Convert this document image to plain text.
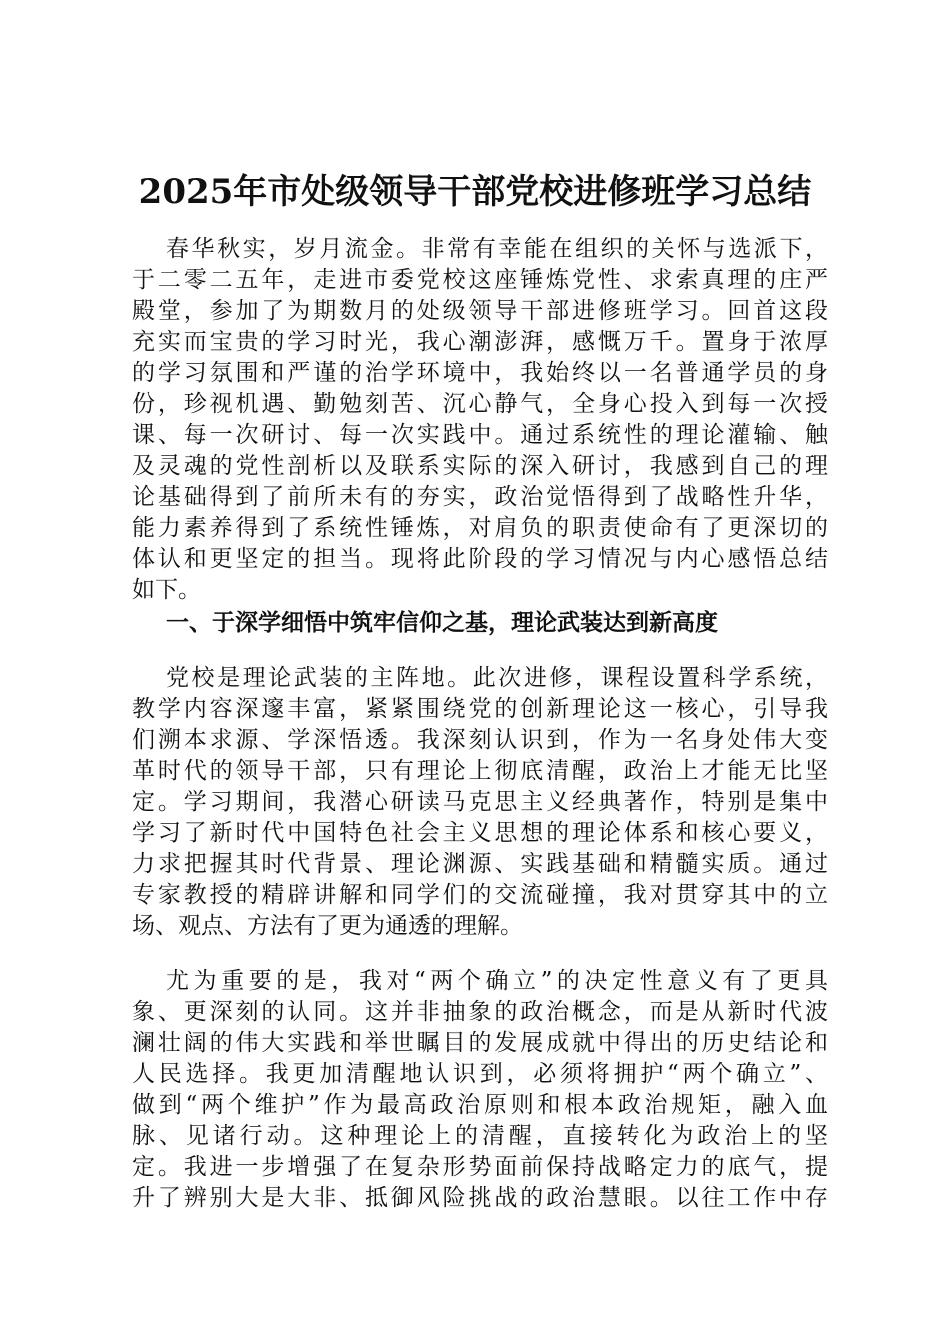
2025年市处级领导干部党校进修班学习总结

春华秋实，岁月流金。非常有幸能在组织的关怀与选派下，

于二零二五年，走进市委党校这座锤炼党性、求索真理的庄严

殿堂，参加了为期数月的处级领导干部进修班学习。回首这段

充实而宝贵的学习时光，我心潮澎湃，感慨万千。置身于浓厚

的学习氛围和严谨的治学环境中，我始终以一名普通学员的身

份，珍视机遇、勤勉刻苦、沉心静气，全身心投入到每一次授

课、每一次研讨、每一次实践中。通过系统性的理论灌输、触

及灵魂的党性剖析以及联系实际的深入研讨，我感到自己的理

论基础得到了前所未有的夯实，政治觉悟得到了战略性升华，

能力素养得到了系统性锤炼，对肩负的职责使命有了更深切的

体认和更坚定的担当。现将此阶段的学习情况与内心感悟总结

如下。

一、于深学细悟中筑牢信仰之基，理论武装达到新高度

党校是理论武装的主阵地。此次进修，课程设置科学系统，

教学内容深邃丰富，紧紧围绕党的创新理论这一核心，引导我

们溯本求源、学深悟透。我深刻认识到，作为一名身处伟大变

革时代的领导干部，只有理论上彻底清醒，政治上才能无比坚

定。学习期间，我潜心研读马克思主义经典著作，特别是集中

学习了新时代中国特色社会主义思想的理论体系和核心要义，

力求把握其时代背景、理论渊源、实践基础和精髓实质。通过

专家教授的精辟讲解和同学们的交流碰撞，我对贯穿其中的立

场、观点、方法有了更为通透的理解。

尤为重要的是，我对“两个确立”的决定性意义有了更具

象、更深刻的认同。这并非抽象的政治概念，而是从新时代波

澜壮阔的伟大实践和举世瞩目的发展成就中得出的历史结论和

人民选择。我更加清醒地认识到，必须将拥护“两个确立”、

做到“两个维护”作为最高政治原则和根本政治规矩，融入血

脉、见诸行动。这种理论上的清醒，直接转化为政治上的坚

定。我进一步增强了在复杂形势面前保持战略定力的底气，提

升了辨别大是大非、抵御风险挑战的政治慧眼。以往工作中存
